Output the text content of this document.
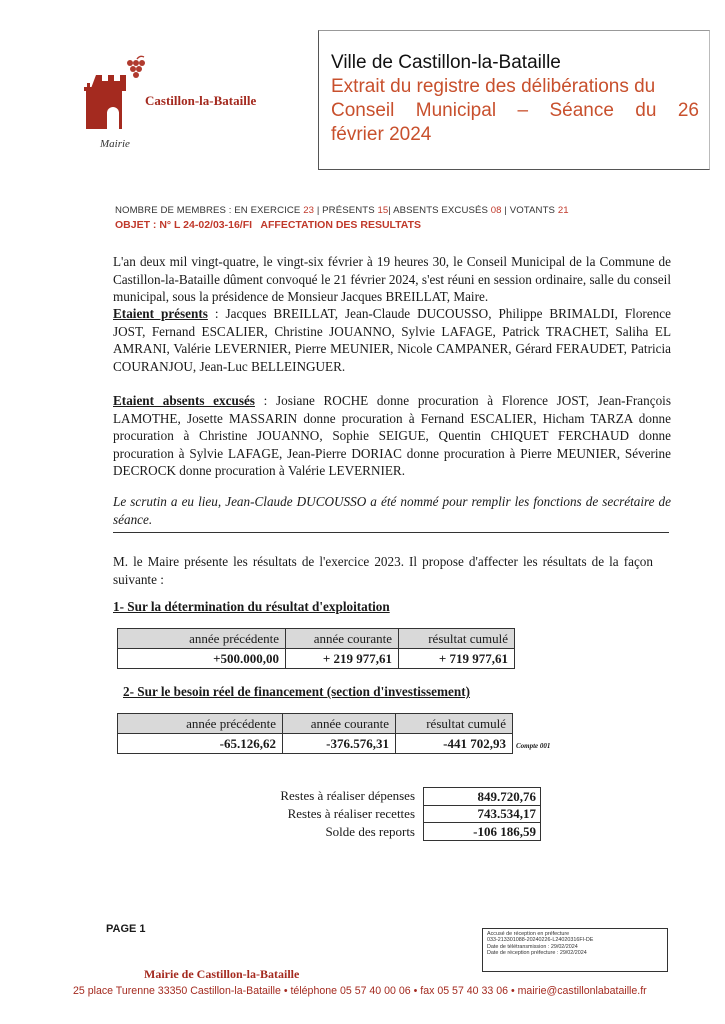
Castillon-la-Bataille
Mairie
Ville de Castillon-la-Bataille
Extrait du registre des délibérations du
Conseil Municipal – Séance du 26
février 2024
NOMBRE DE MEMBRES : EN EXERCICE 23 | PRÉSENTS 15| ABSENTS EXCUSÉS 08 | VOTANTS 21
OBJET : N° L 24-02/03-16/FI   AFFECTATION DES RESULTATS
L'an deux mil vingt-quatre, le vingt-six février à 19 heures 30, le Conseil Municipal de la Commune de Castillon-la-Bataille dûment convoqué le 21 février 2024, s'est réuni en session ordinaire, salle du conseil municipal, sous la présidence de Monsieur Jacques BREILLAT, Maire.
Etaient présents : Jacques BREILLAT, Jean-Claude DUCOUSSO, Philippe BRIMALDI, Florence JOST, Fernand ESCALIER, Christine JOUANNO, Sylvie LAFAGE, Patrick TRACHET, Saliha EL AMRANI, Valérie LEVERNIER, Pierre MEUNIER, Nicole CAMPANER, Gérard FERAUDET, Patricia COURANJOU, Jean-Luc BELLEINGUER.
Etaient absents excusés : Josiane ROCHE donne procuration à Florence JOST, Jean-François LAMOTHE, Josette MASSARIN donne procuration à Fernand ESCALIER, Hicham TARZA donne procuration à Christine JOUANNO, Sophie SEIGUE, Quentin CHIQUET FERCHAUD donne procuration à Sylvie LAFAGE, Jean-Pierre DORIAC donne procuration à Pierre MEUNIER, Séverine DECROCK donne procuration à Valérie LEVERNIER.
Le scrutin a eu lieu, Jean-Claude DUCOUSSO a été nommé pour remplir les fonctions de secrétaire de séance.
M. le Maire présente les résultats de l'exercice 2023. Il propose d'affecter les résultats de la façon suivante :
1- Sur la détermination du résultat d'exploitation
année précédente	année courante	résultat cumulé
+500.000,00	+ 219 977,61	+ 719 977,61
2- Sur le besoin réel de financement (section d'investissement)
année précédente	année courante	résultat cumulé
-65.126,62	-376.576,31	-441 702,93 Compte 001
Restes à réaliser dépenses	849.720,76
Restes à réaliser recettes	743.534,17
Solde des reports	-106 186,59
PAGE 1	Accusé de réception en préfecture
033-213301088-20240226-L24020316FI-DE
Date de télétransmission : 29/02/2024
Date de réception préfecture : 29/02/2024
Mairie de Castillon-la-Bataille
25 place Turenne 33350 Castillon-la-Bataille • téléphone 05 57 40 00 06 • fax 05 57 40 33 06 • mairie@castillonlabataille.fr
